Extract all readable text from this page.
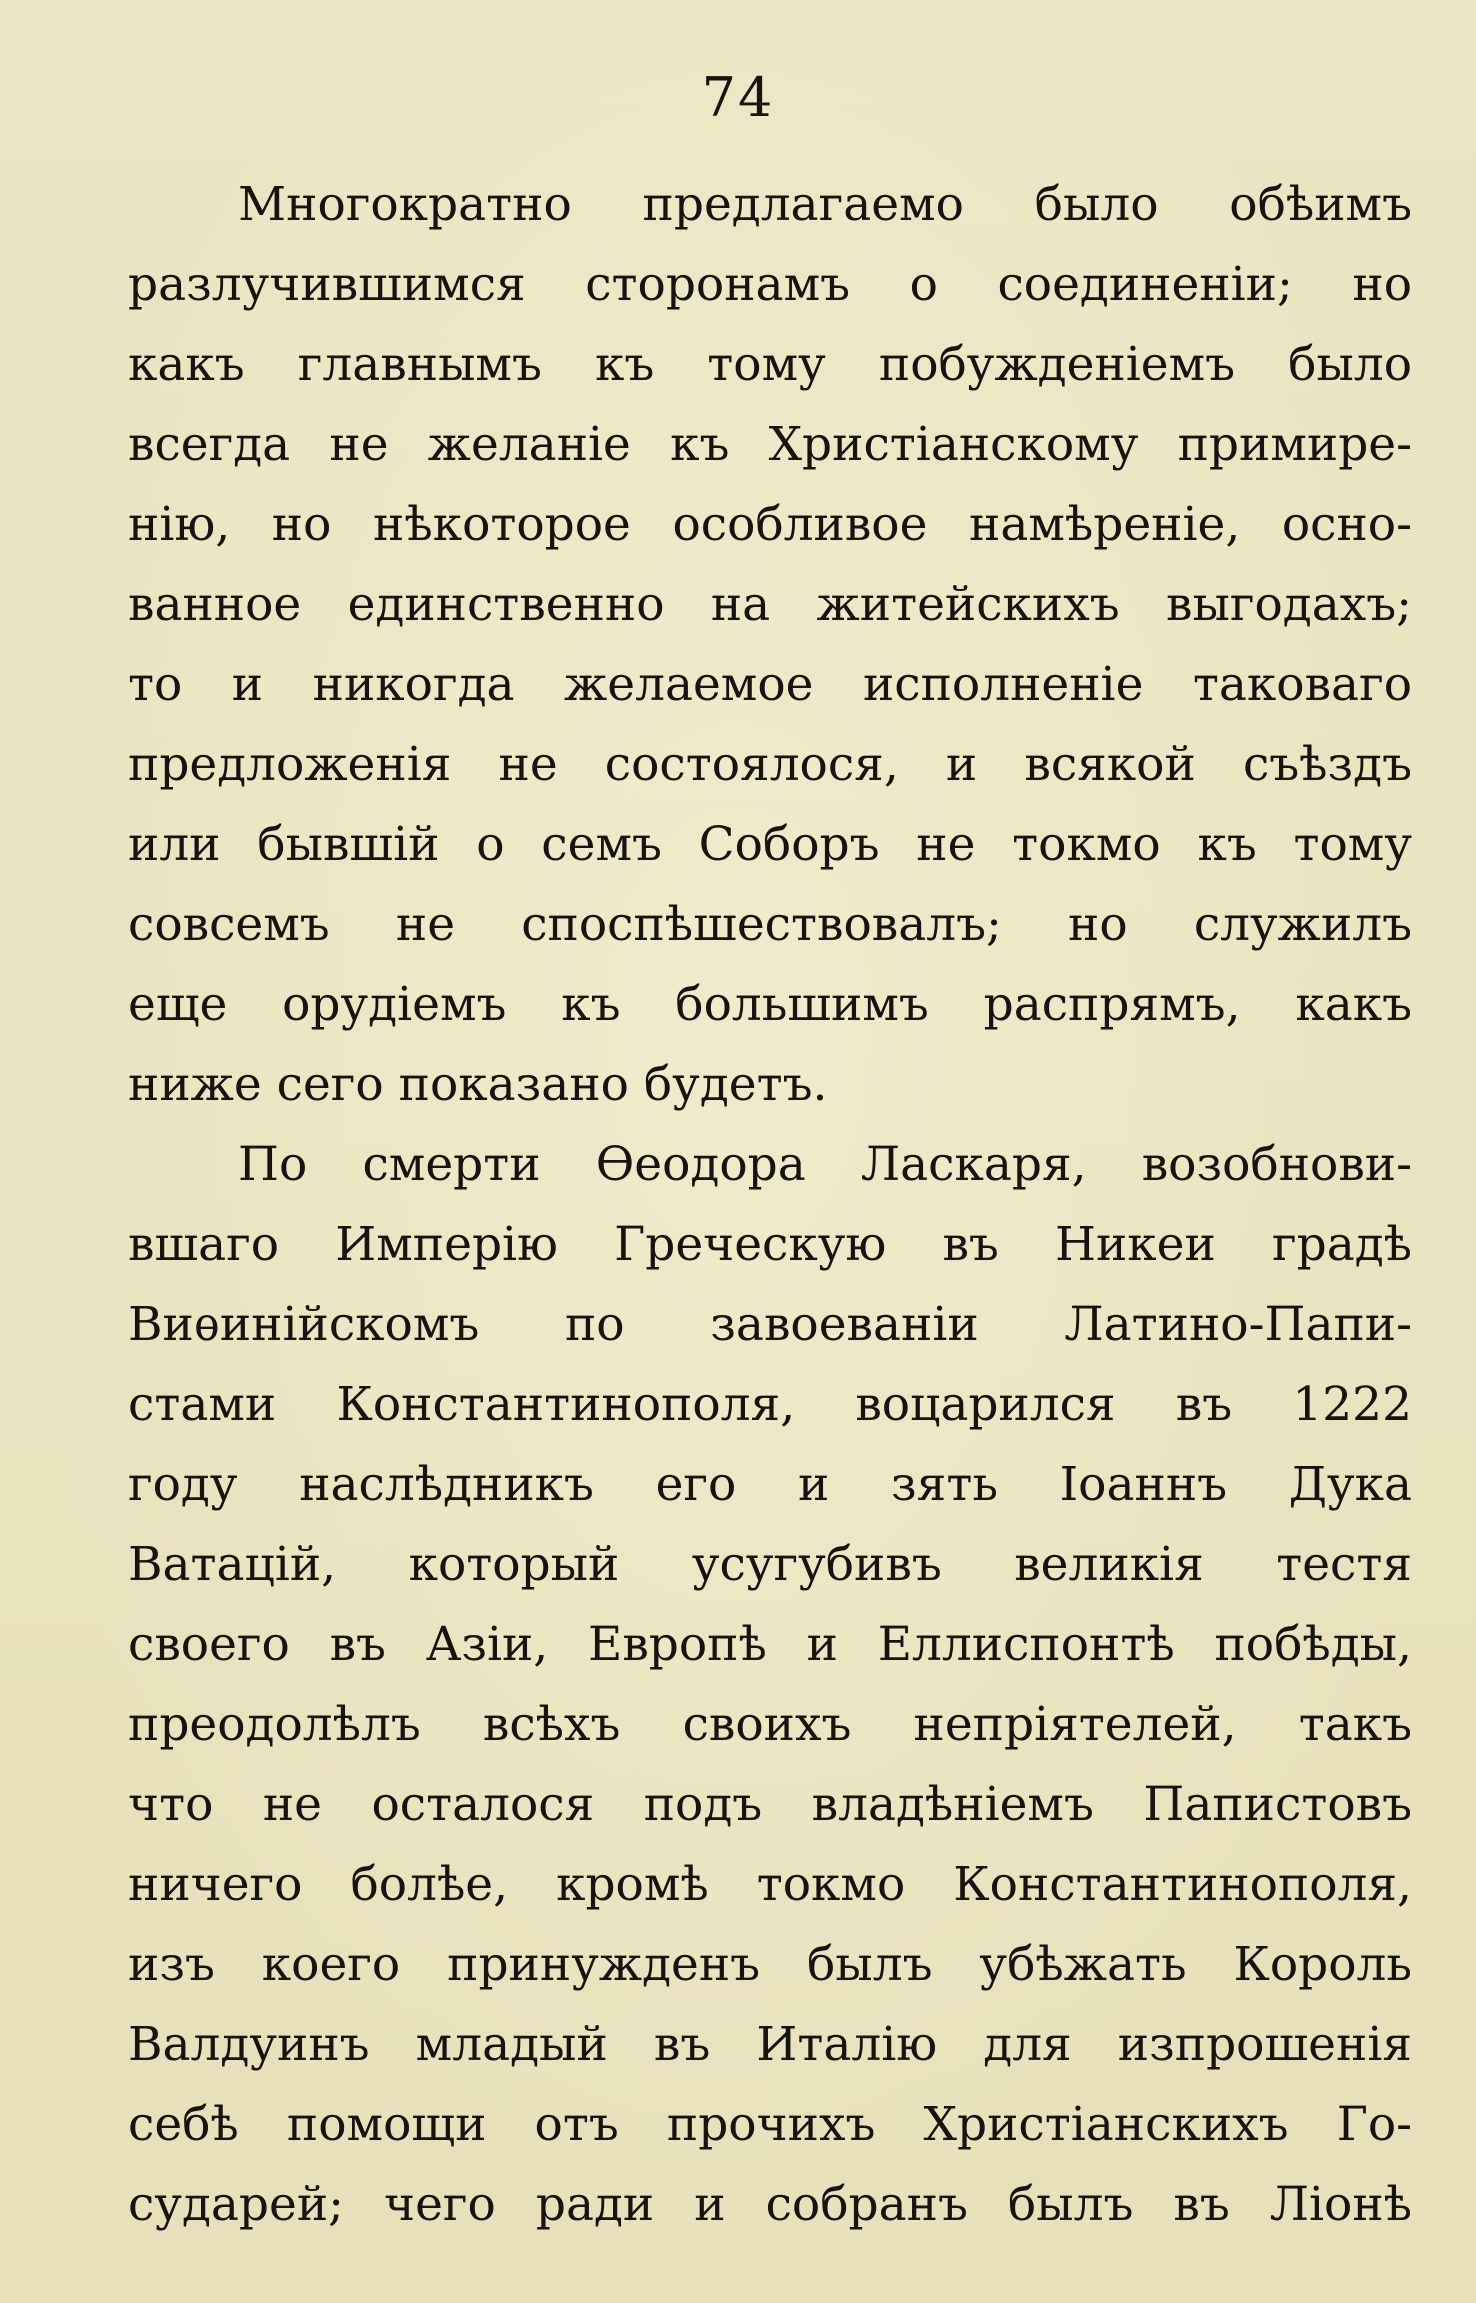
74
Многократно предлагаемо было обѣимъ
разлучившимся сторонамъ о соединенiи; но
какъ главнымъ къ тому побужденiемъ было
всегда не желанiе къ Христiанскому примире-
нiю, но нѣкоторое особливое намѣренiе, осно-
ванное единственно на житейскихъ выгодахъ;
то и никогда желаемое исполненiе таковаго
предложенiя не состоялося, и всякой съѣздъ
или бывшiй о семъ Соборъ не токмо къ тому
совсемъ не споспѣшествовалъ; но служилъ
еще орудiемъ къ большимъ распрямъ, какъ
ниже сего показано будетъ.
По смерти Ѳеодора Ласкаря, возобнови-
вшаго Имперiю Греческую въ Никеи градѣ
Виѳинiйскомъ по завоеванiи Латино-Папи-
стами Константинополя, воцарился въ 1222
году наслѣдникъ его и зять Iоаннъ Дука
Ватацiй, который усугубивъ великiя тестя
своего въ Азiи, Европѣ и Еллиспонтѣ побѣды,
преодолѣлъ всѣхъ своихъ непрiятелей, такъ
что не осталося подъ владѣнiемъ Папистовъ
ничего болѣе, кромѣ токмо Константинополя,
изъ коего принужденъ былъ убѣжать Король
Валдуинъ младый въ Италiю для изпрошенiя
себѣ помощи отъ прочихъ Христiанскихъ Го-
сударей; чего ради и собранъ былъ въ Лiонѣ
